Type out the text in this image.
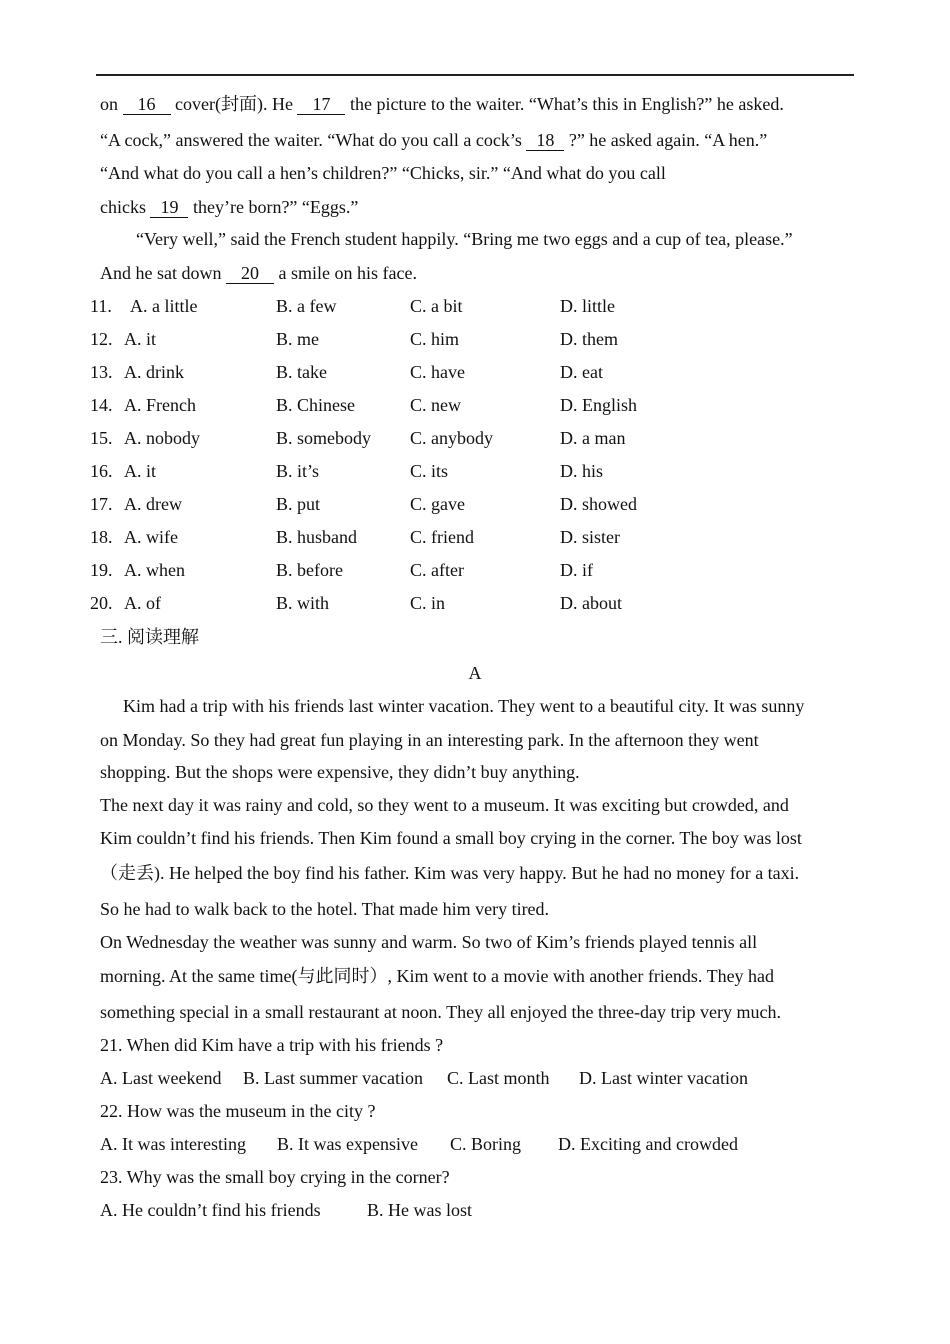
on 16 cover(封面). He 17 the picture to the waiter. “What’s this in English?” he asked.
“A cock,” answered the waiter. “What do you call a cock’s 18 ?” he asked again. “A hen.”
“And what do you call a hen’s children?” “Chicks, sir.” “And what do you call
chicks 19 they’re born?” “Eggs.”
“Very well,” said the French student happily. “Bring me two eggs and a cup of tea, please.”
And he sat down 20 a smile on his face.
11. A. a little	B. a few	C. a bit	D. little
12. A. it	B. me	C. him	D. them
13. A. drink	B. take	C. have	D. eat
14. A. French	B. Chinese	C. new	D. English
15. A. nobody	B. somebody C. anybody	D. a man
16. A. it	B. it’s	C. its	D. his
17. A. drew	B. put	C. gave	D. showed
18. A. wife	B. husband	C. friend	D. sister
19. A. when	B. before	C. after	D. if
20. A. of	B. with	C. in	D. about
三. 阅读理解
A
Kim had a trip with his friends last winter vacation. They went to a beautiful city. It was sunny
on Monday. So they had great fun playing in an interesting park. In the afternoon they went
shopping. But the shops were expensive, they didn’t buy anything.
The next day it was rainy and cold, so they went to a museum. It was exciting but crowded, and
Kim couldn’t find his friends. Then Kim found a small boy crying in the corner. The boy was lost
（走丢). He helped the boy find his father. Kim was very happy. But he had no money for a taxi.
So he had to walk back to the hotel. That made him very tired.
On Wednesday the weather was sunny and warm. So two of Kim’s friends played tennis all
morning. At the same time(与此同时）, Kim went to a movie with another friends. They had
something special in a small restaurant at noon. They all enjoyed the three-day trip very much.
21. When did Kim have a trip with his friends ?
A. Last weekend B. Last summer vacation C. Last month D. Last winter vacation
22. How was the museum in the city ?
A. It was interesting B. It was expensive C. Boring D. Exciting and crowded
23. Why was the small boy crying in the corner?
A. He couldn’t find his friends	B. He was lost
